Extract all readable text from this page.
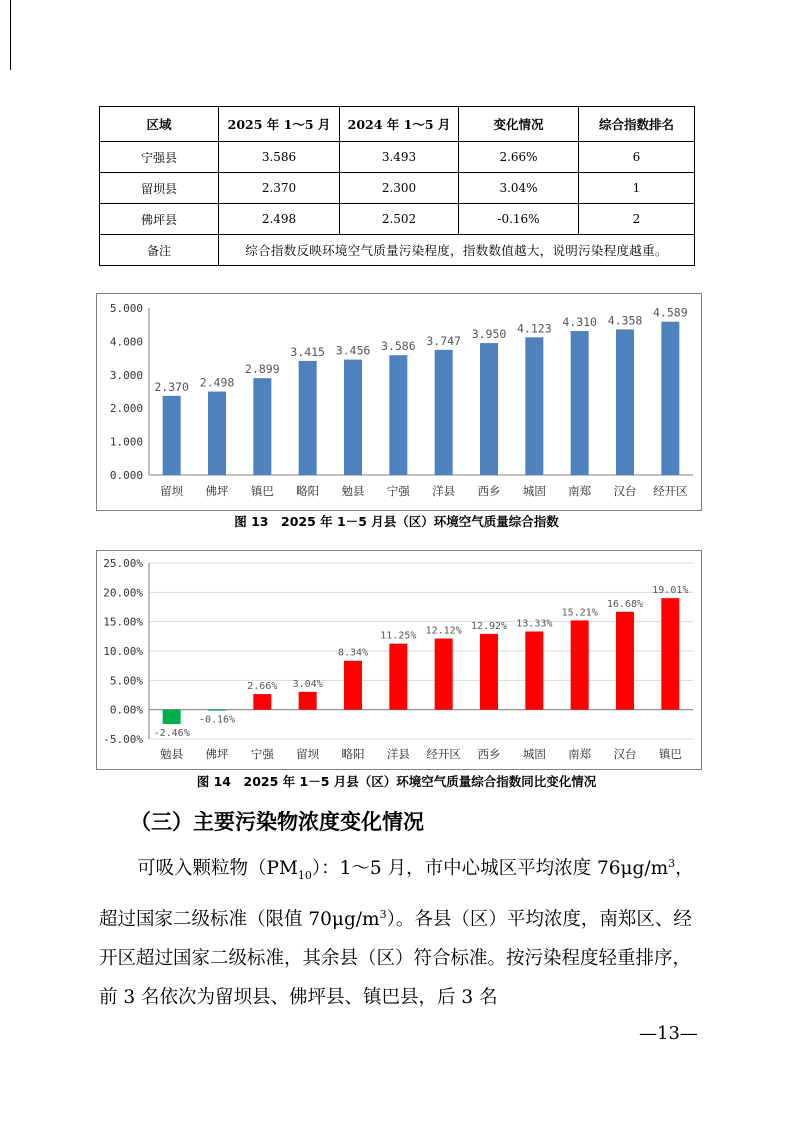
区域	2025 年 1～5 月	2024 年 1～5 月	变化情况	综合指数排名
宁强县	3.586	3.493	2.66%	6
留坝县	2.370	2.300	3.04%	1
佛坪县	2.498	2.502	-0.16%	2
备注	综合指数反映环境空气质量污染程度，指数数值越大，说明污染程度越重。			
0.000
1.000
2.000
3.000
4.000
5.000
2.370
留坝
2.498
佛坪
2.899
镇巴
3.415
略阳
3.456
勉县
3.586
宁强
3.747
洋县
3.950
西乡
4.123
城固
4.310
南郑
4.358
汉台
4.589
经开区
图 13　2025 年 1－5 月县（区）环境空气质量综合指数
-5.00%
0.00%
5.00%
10.00%
15.00%
20.00%
25.00%
-2.46%
勉县
-0.16%
佛坪
2.66%
宁强
3.04%
留坝
8.34%
略阳
11.25%
洋县
12.12%
经开区
12.92%
西乡
13.33%
城固
15.21%
南郑
16.68%
汉台
19.01%
镇巴
图 14　2025 年 1－5 月县（区）环境空气质量综合指数同比变化情况
（三）主要污染物浓度变化情况
可吸入颗粒物$(PM_{10})$：1～5 月，市中心城区平均浓度 $76\mu g/m^3$，超过国家二级标准（限值 $70\mu g/m^3$）。各县（区）平均浓度，南郑区、经开区超过国家二级标准，其余县（区）符合标准。按污染程度轻重排序，前 3 名依次为留坝县、佛坪县、镇巴县，后 3 名
—13—
